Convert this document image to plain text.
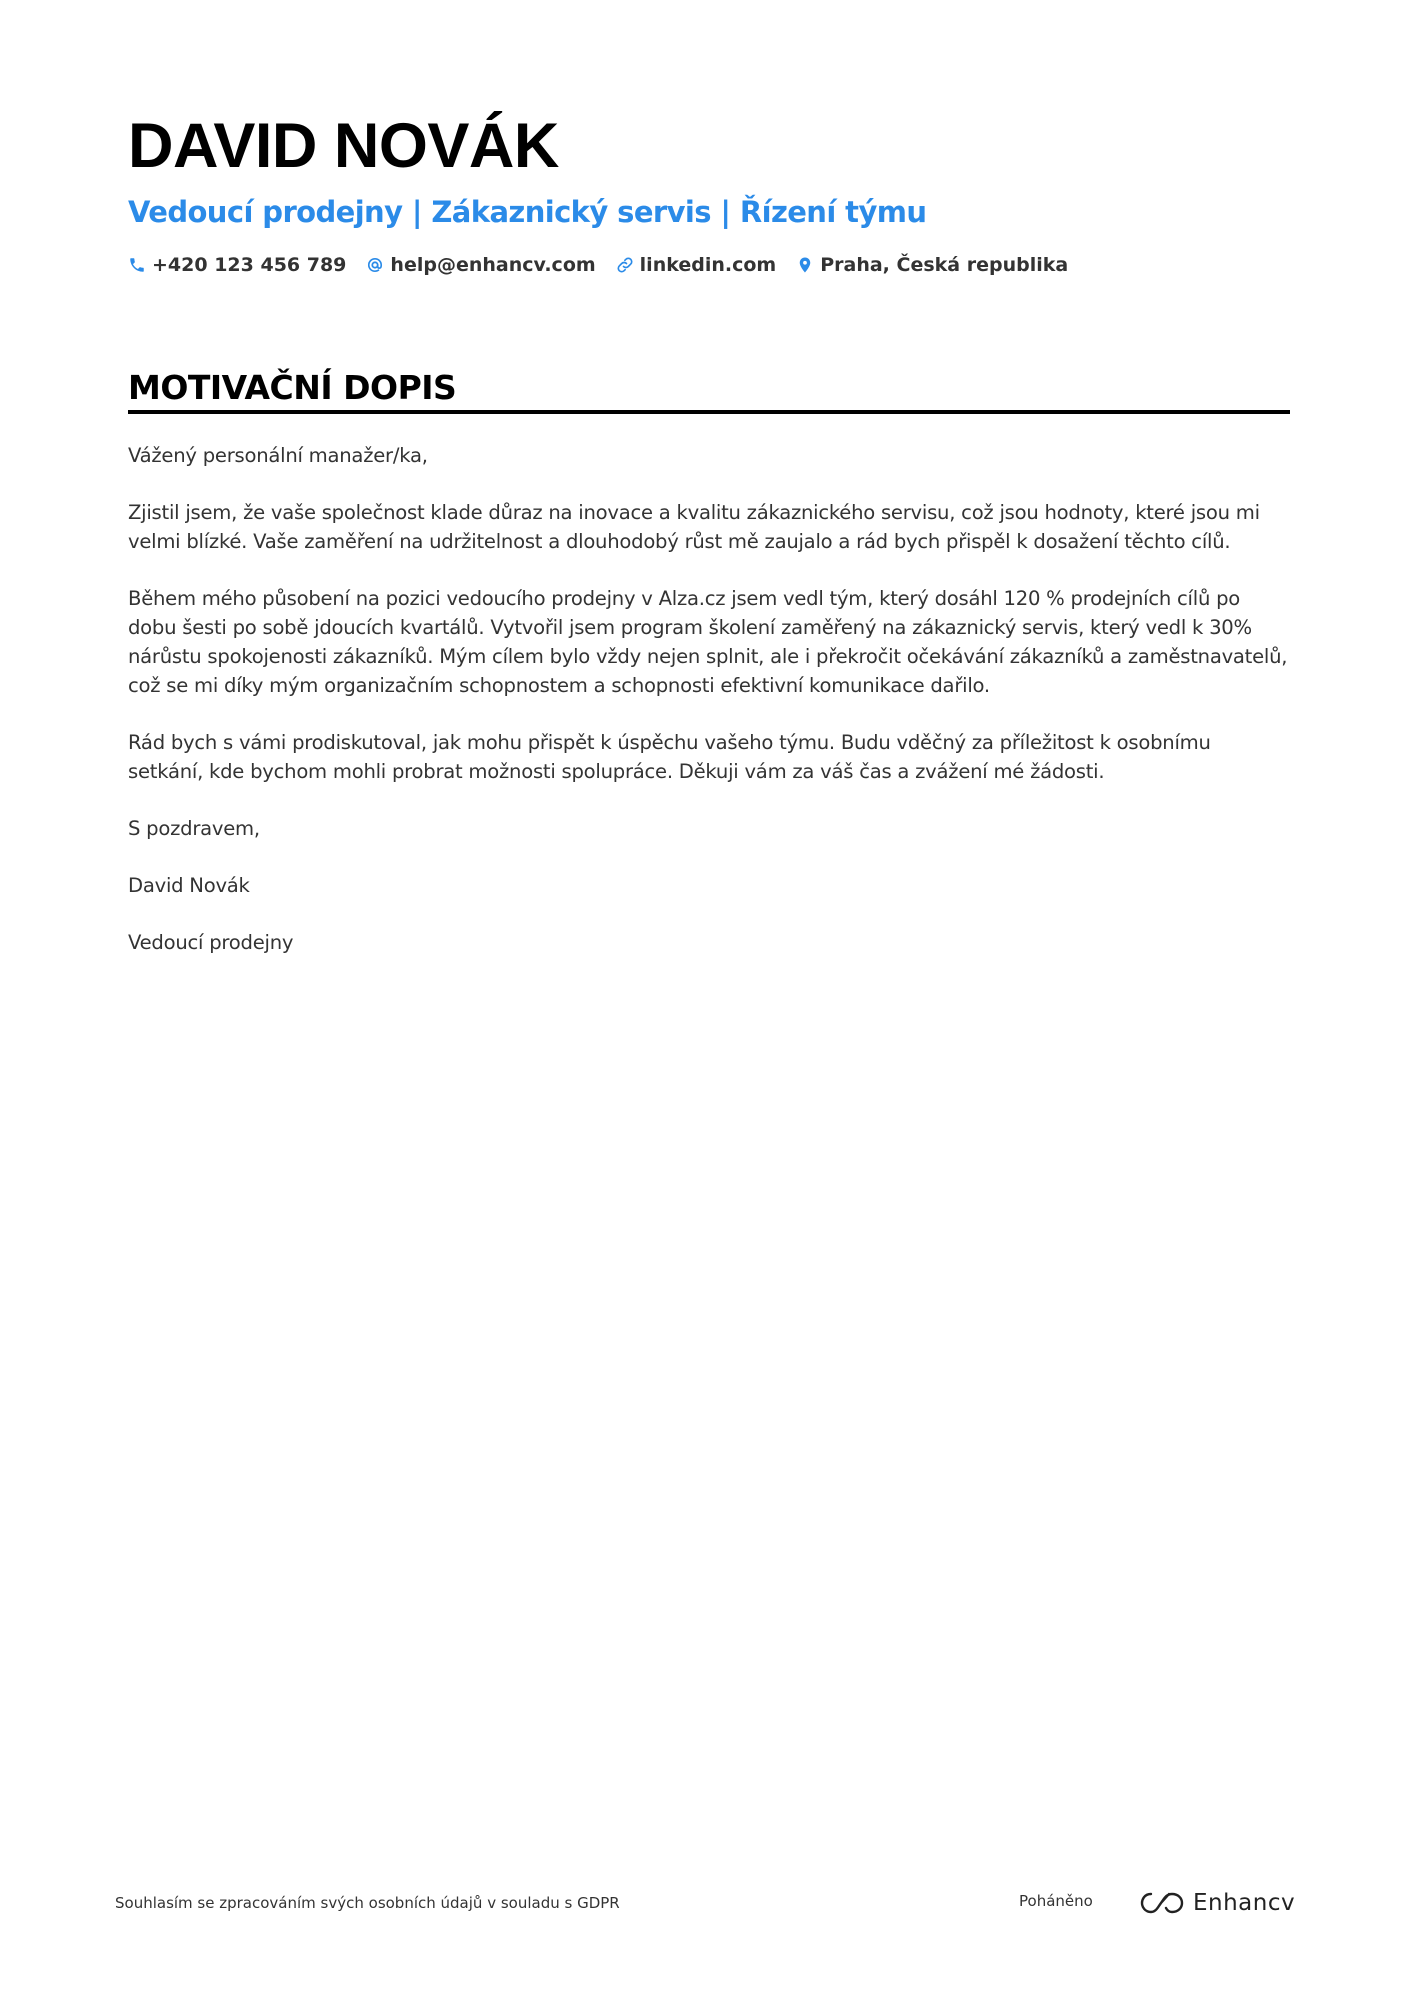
DAVID NOVÁK
Vedoucí prodejny | Zákaznický servis | Řízení týmu
+420 123 456 789 help@enhancv.com linkedin.com Praha, Česká republika
MOTIVAČNÍ DOPIS

Vážený personální manažer/ka,

Zjistil jsem, že vaše společnost klade důraz na inovace a kvalitu zákaznického servisu, což jsou hodnoty, které jsou mi velmi blízké. Vaše zaměření na udržitelnost a dlouhodobý růst mě zaujalo a rád bych přispěl k dosažení těchto cílů.

Během mého působení na pozici vedoucího prodejny v Alza.cz jsem vedl tým, který dosáhl 120 % prodejních cílů po dobu šesti po sobě jdoucích kvartálů. Vytvořil jsem program školení zaměřený na zákaznický servis, který vedl k 30% nárůstu spokojenosti zákazníků. Mým cílem bylo vždy nejen splnit, ale i překročit očekávání zákazníků a zaměstnavatelů, což se mi díky mým organizačním schopnostem a schopnosti efektivní komunikace dařilo.

Rád bych s vámi prodiskutoval, jak mohu přispět k úspěchu vašeho týmu. Budu vděčný za příležitost k osobnímu setkání, kde bychom mohli probrat možnosti spolupráce. Děkuji vám za váš čas a zvážení mé žádosti.

S pozdravem,

David Novák

Vedoucí prodejny

Souhlasím se zpracováním svých osobních údajů v souladu s GDPR	Poháněno	Enhancv
